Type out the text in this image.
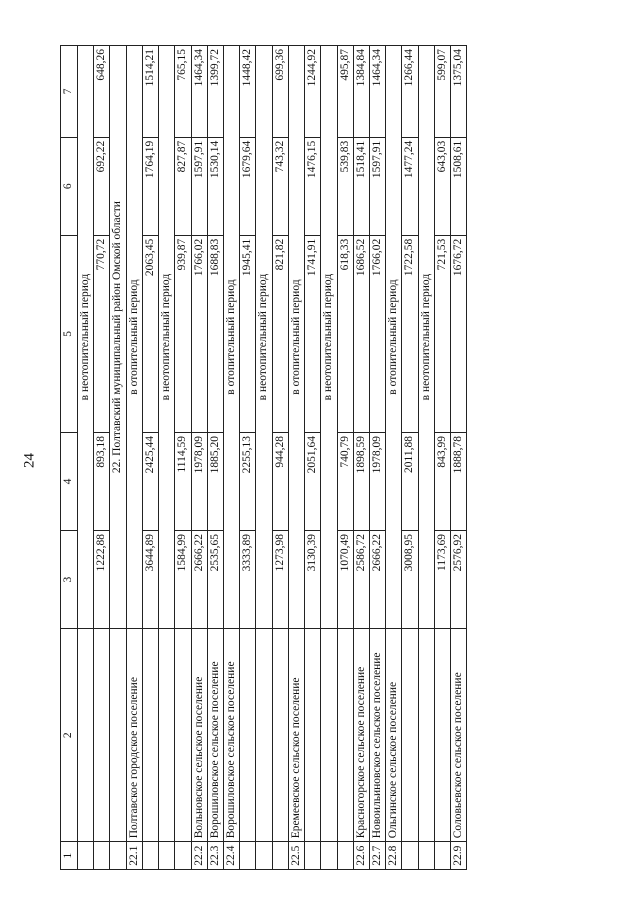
24
1	2	3	4	5	6	7
		в неотопительный период				
		1222,88	893,18	770,72	692,22	648,26
		22. Полтавский муниципальный район Омской области				
22.1	Полтавское городское поселение	в отопительный период				
		3644,89	2425,44	2063,45	1764,19	1514,21
		в неотопительный период				
		1584,99	1114,59	939,87	827,87	765,15
22.2	Вольновское сельское поселение	2666,22	1978,09	1766,02	1597,91	1464,34
22.3	Ворошиловское сельское поселение	2535,65	1885,20	1688,83	1530,14	1399,72
22.4	Ворошиловское сельское поселение	в отопительный период				
		3333,89	2255,13	1945,41	1679,64	1448,42
		в неотопительный период				
		1273,98	944,28	821,82	743,32	699,36
22.5	Еремеевское сельское поселение	в отопительный период				
		3130,39	2051,64	1741,91	1476,15	1244,92
		в неотопительный период				
		1070,49	740,79	618,33	539,83	495,87
22.6	Красногорское сельское поселение	2586,72	1898,59	1686,52	1518,41	1384,84
22.7	Новоильиновское сельское поселение	2666,22	1978,09	1766,02	1597,91	1464,34
22.8	Ольгинское сельское поселение	в отопительный период				
		3008,95	2011,88	1722,58	1477,24	1266,44
		в неотопительный период				
		1173,69	843,99	721,53	643,03	599,07
22.9	Соловьевское сельское поселение	2576,92	1888,78	1676,72	1508,61	1375,04
